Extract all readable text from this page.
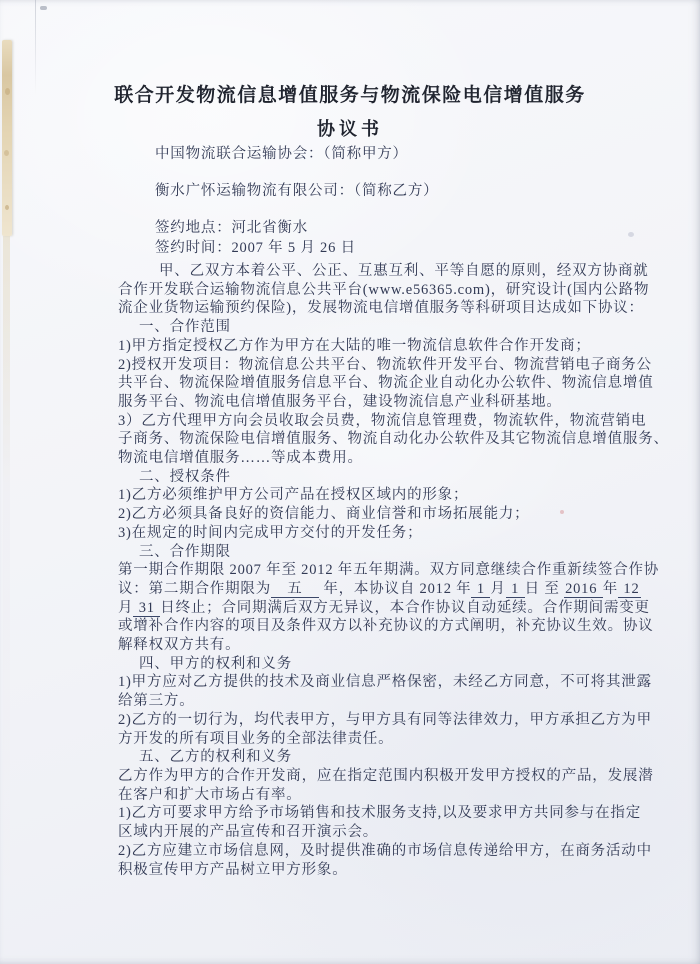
联合开发物流信息增值服务与物流保险电信增值服务
协议书
中国物流联合运输协会：（简称甲方）
衡水广怀运输物流有限公司：（简称乙方）
签约地点：河北省衡水
签约时间：2007 年 5 月 26 日
甲、乙双方本着公平、公正、互惠互利、平等自愿的原则，经双方协商就
合作开发联合运输物流信息公共平台(www.e56365.com)，研究设计(国内公路物
流企业货物运输预约保险)，发展物流电信增值服务等科研项目达成如下协议：
一、合作范围
1)甲方指定授权乙方作为甲方在大陆的唯一物流信息软件合作开发商；
2)授权开发项目：物流信息公共平台、物流软件开发平台、物流营销电子商务公
共平台、物流保险增值服务信息平台、物流企业自动化办公软件、物流信息增值
服务平台、物流电信增值服务平台，建设物流信息产业科研基地。
3）乙方代理甲方向会员收取会员费，物流信息管理费，物流软件，物流营销电
子商务、物流保险电信增值服务、物流自动化办公软件及其它物流信息增值服务、
物流电信增值服务……等成本费用。
二、授权条件
1)乙方必须维护甲方公司产品在授权区域内的形象；
2)乙方必须具备良好的资信能力、商业信誉和市场拓展能力；
3)在规定的时间内完成甲方交付的开发任务；
三、合作期限
第一期合作期限 2007 年至 2012 年五年期满。双方同意继续合作重新续签合作协
议：第二期合作期限为　五　 年，本协议自 2012 年 1 月 1 日 至 2016 年 12
月 31 日终止；合同期满后双方无异议，本合作协议自动延续。合作期间需变更
或增补合作内容的项目及条件双方以补充协议的方式阐明，补充协议生效。协议
解释权双方共有。
四、甲方的权利和义务
1)甲方应对乙方提供的技术及商业信息严格保密，未经乙方同意，不可将其泄露
给第三方。
2)乙方的一切行为，均代表甲方，与甲方具有同等法律效力，甲方承担乙方为甲
方开发的所有项目业务的全部法律责任。
五、乙方的权利和义务
乙方作为甲方的合作开发商，应在指定范围内积极开发甲方授权的产品，发展潜
在客户和扩大市场占有率。
1)乙方可要求甲方给予市场销售和技术服务支持,以及要求甲方共同参与在指定
区域内开展的产品宣传和召开演示会。
2)乙方应建立市场信息网，及时提供准确的市场信息传递给甲方，在商务活动中
积极宣传甲方产品树立甲方形象。
